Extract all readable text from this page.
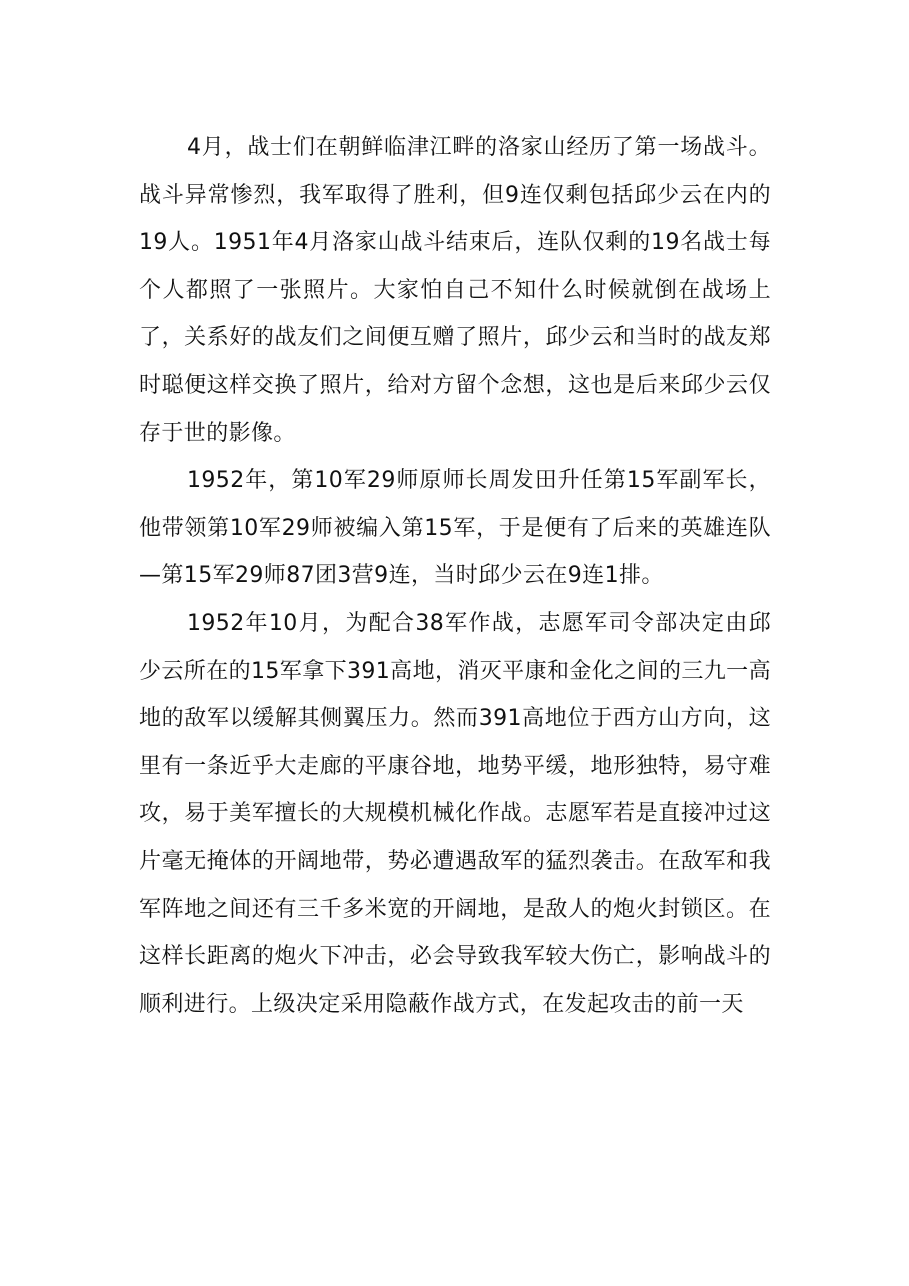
4月，战士们在朝鲜临津江畔的洛家山经历了第一场战斗。战斗异常惨烈，我军取得了胜利，但9连仅剩包括邱少云在内的19人。1951年4月洛家山战斗结束后，连队仅剩的19名战士每个人都照了一张照片。大家怕自己不知什么时候就倒在战场上了，关系好的战友们之间便互赠了照片，邱少云和当时的战友郑时聪便这样交换了照片，给对方留个念想，这也是后来邱少云仅存于世的影像。

1952年，第10军29师原师长周发田升任第15军副军长，他带领第10军29师被编入第15军，于是便有了后来的英雄连队—第15军29师87团3营9连，当时邱少云在9连1排。

1952年10月，为配合38军作战，志愿军司令部决定由邱少云所在的15军拿下391高地，消灭平康和金化之间的三九一高地的敌军以缓解其侧翼压力。然而391高地位于西方山方向，这里有一条近乎大走廊的平康谷地，地势平缓，地形独特，易守难攻，易于美军擅长的大规模机械化作战。志愿军若是直接冲过这片毫无掩体的开阔地带，势必遭遇敌军的猛烈袭击。在敌军和我军阵地之间还有三千多米宽的开阔地，是敌人的炮火封锁区。在这样长距离的炮火下冲击，必会导致我军较大伤亡，影响战斗的顺利进行。上级决定采用隐蔽作战方式，在发起攻击的前一天
